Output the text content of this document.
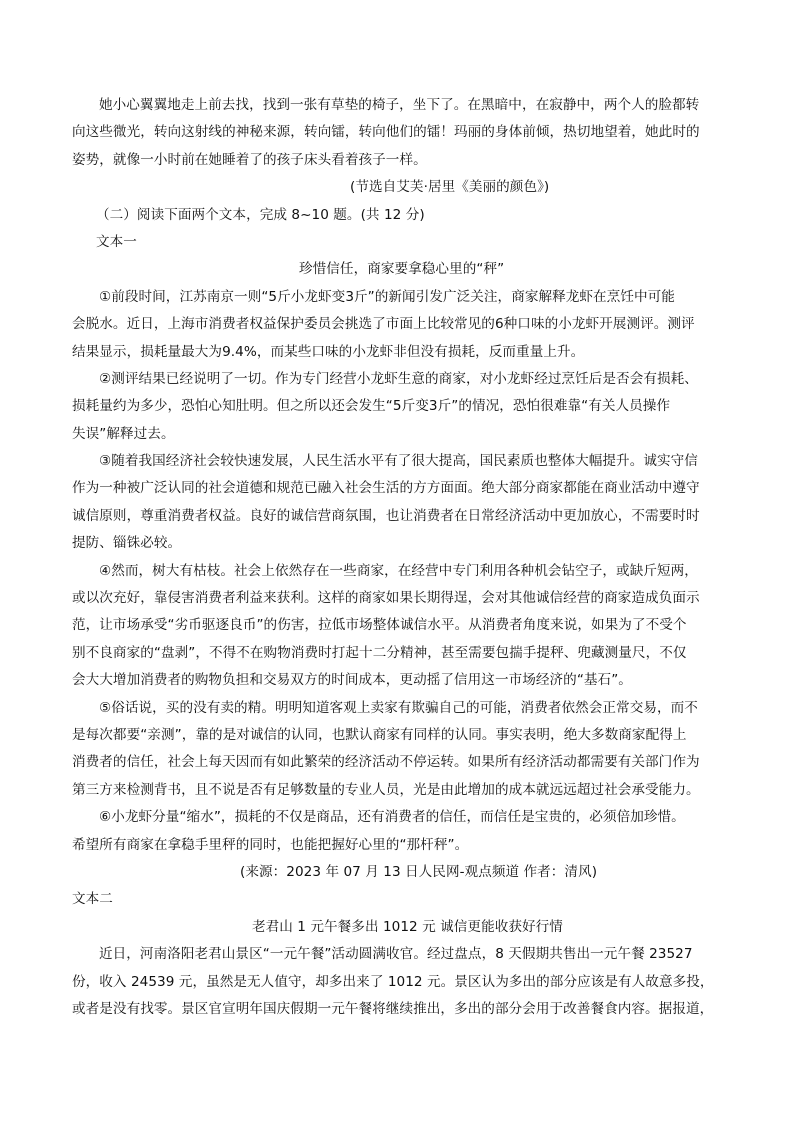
她小心翼翼地走上前去找，找到一张有草垫的椅子，坐下了。在黑暗中，在寂静中，两个人的脸都转
向这些微光，转向这射线的神秘来源，转向镭，转向他们的镭！玛丽的身体前倾，热切地望着，她此时的
姿势，就像一小时前在她睡着了的孩子床头看着孩子一样。
(节选自艾芙·居里《美丽的颜色》)
（二）阅读下面两个文本，完成 8~10 题。(共 12 分)
文本一
珍惜信任，商家要拿稳心里的“秤”
①前段时间，江苏南京一则“5斤小龙虾变3斤”的新闻引发广泛关注，商家解释龙虾在烹饪中可能
会脱水。近日，上海市消费者权益保护委员会挑选了市面上比较常见的6种口味的小龙虾开展测评。测评
结果显示，损耗量最大为9.4%，而某些口味的小龙虾非但没有损耗，反而重量上升。
②测评结果已经说明了一切。作为专门经营小龙虾生意的商家，对小龙虾经过烹饪后是否会有损耗、
损耗量约为多少，恐怕心知肚明。但之所以还会发生“5斤变3斤”的情况，恐怕很难靠“有关人员操作
失误”解释过去。
③随着我国经济社会较快速发展，人民生活水平有了很大提高，国民素质也整体大幅提升。诚实守信
作为一种被广泛认同的社会道德和规范已融入社会生活的方方面面。绝大部分商家都能在商业活动中遵守
诚信原则，尊重消费者权益。良好的诚信营商氛围，也让消费者在日常经济活动中更加放心，不需要时时
提防、锱铢必较。
④然而，树大有枯枝。社会上依然存在一些商家，在经营中专门利用各种机会钻空子，或缺斤短两，
或以次充好，靠侵害消费者利益来获利。这样的商家如果长期得逞，会对其他诚信经营的商家造成负面示
范，让市场承受“劣币驱逐良币”的伤害，拉低市场整体诚信水平。从消费者角度来说，如果为了不受个
别不良商家的“盘剥”，不得不在购物消费时打起十二分精神，甚至需要包揣手提秤、兜藏测量尺，不仅
会大大增加消费者的购物负担和交易双方的时间成本，更动摇了信用这一市场经济的“基石”。
⑤俗话说，买的没有卖的精。明明知道客观上卖家有欺骗自己的可能，消费者依然会正常交易，而不
是每次都要“亲测”，靠的是对诚信的认同，也默认商家有同样的认同。事实表明，绝大多数商家配得上
消费者的信任，社会上每天因而有如此繁荣的经济活动不停运转。如果所有经济活动都需要有关部门作为
第三方来检测背书，且不说是否有足够数量的专业人员，光是由此增加的成本就远远超过社会承受能力。
⑥小龙虾分量“缩水”，损耗的不仅是商品，还有消费者的信任，而信任是宝贵的，必须倍加珍惜。
希望所有商家在拿稳手里秤的同时，也能把握好心里的“那杆秤”。
(来源：2023 年 07 月 13 日人民网-观点频道 作者：清风)
文本二
老君山 1 元午餐多出 1012 元 诚信更能收获好行情
近日，河南洛阳老君山景区“一元午餐”活动圆满收官。经过盘点，8 天假期共售出一元午餐 23527
份，收入 24539 元，虽然是无人值守，却多出来了 1012 元。景区认为多出的部分应该是有人故意多投，
或者是没有找零。景区官宣明年国庆假期一元午餐将继续推出，多出的部分会用于改善餐食内容。据报道，
